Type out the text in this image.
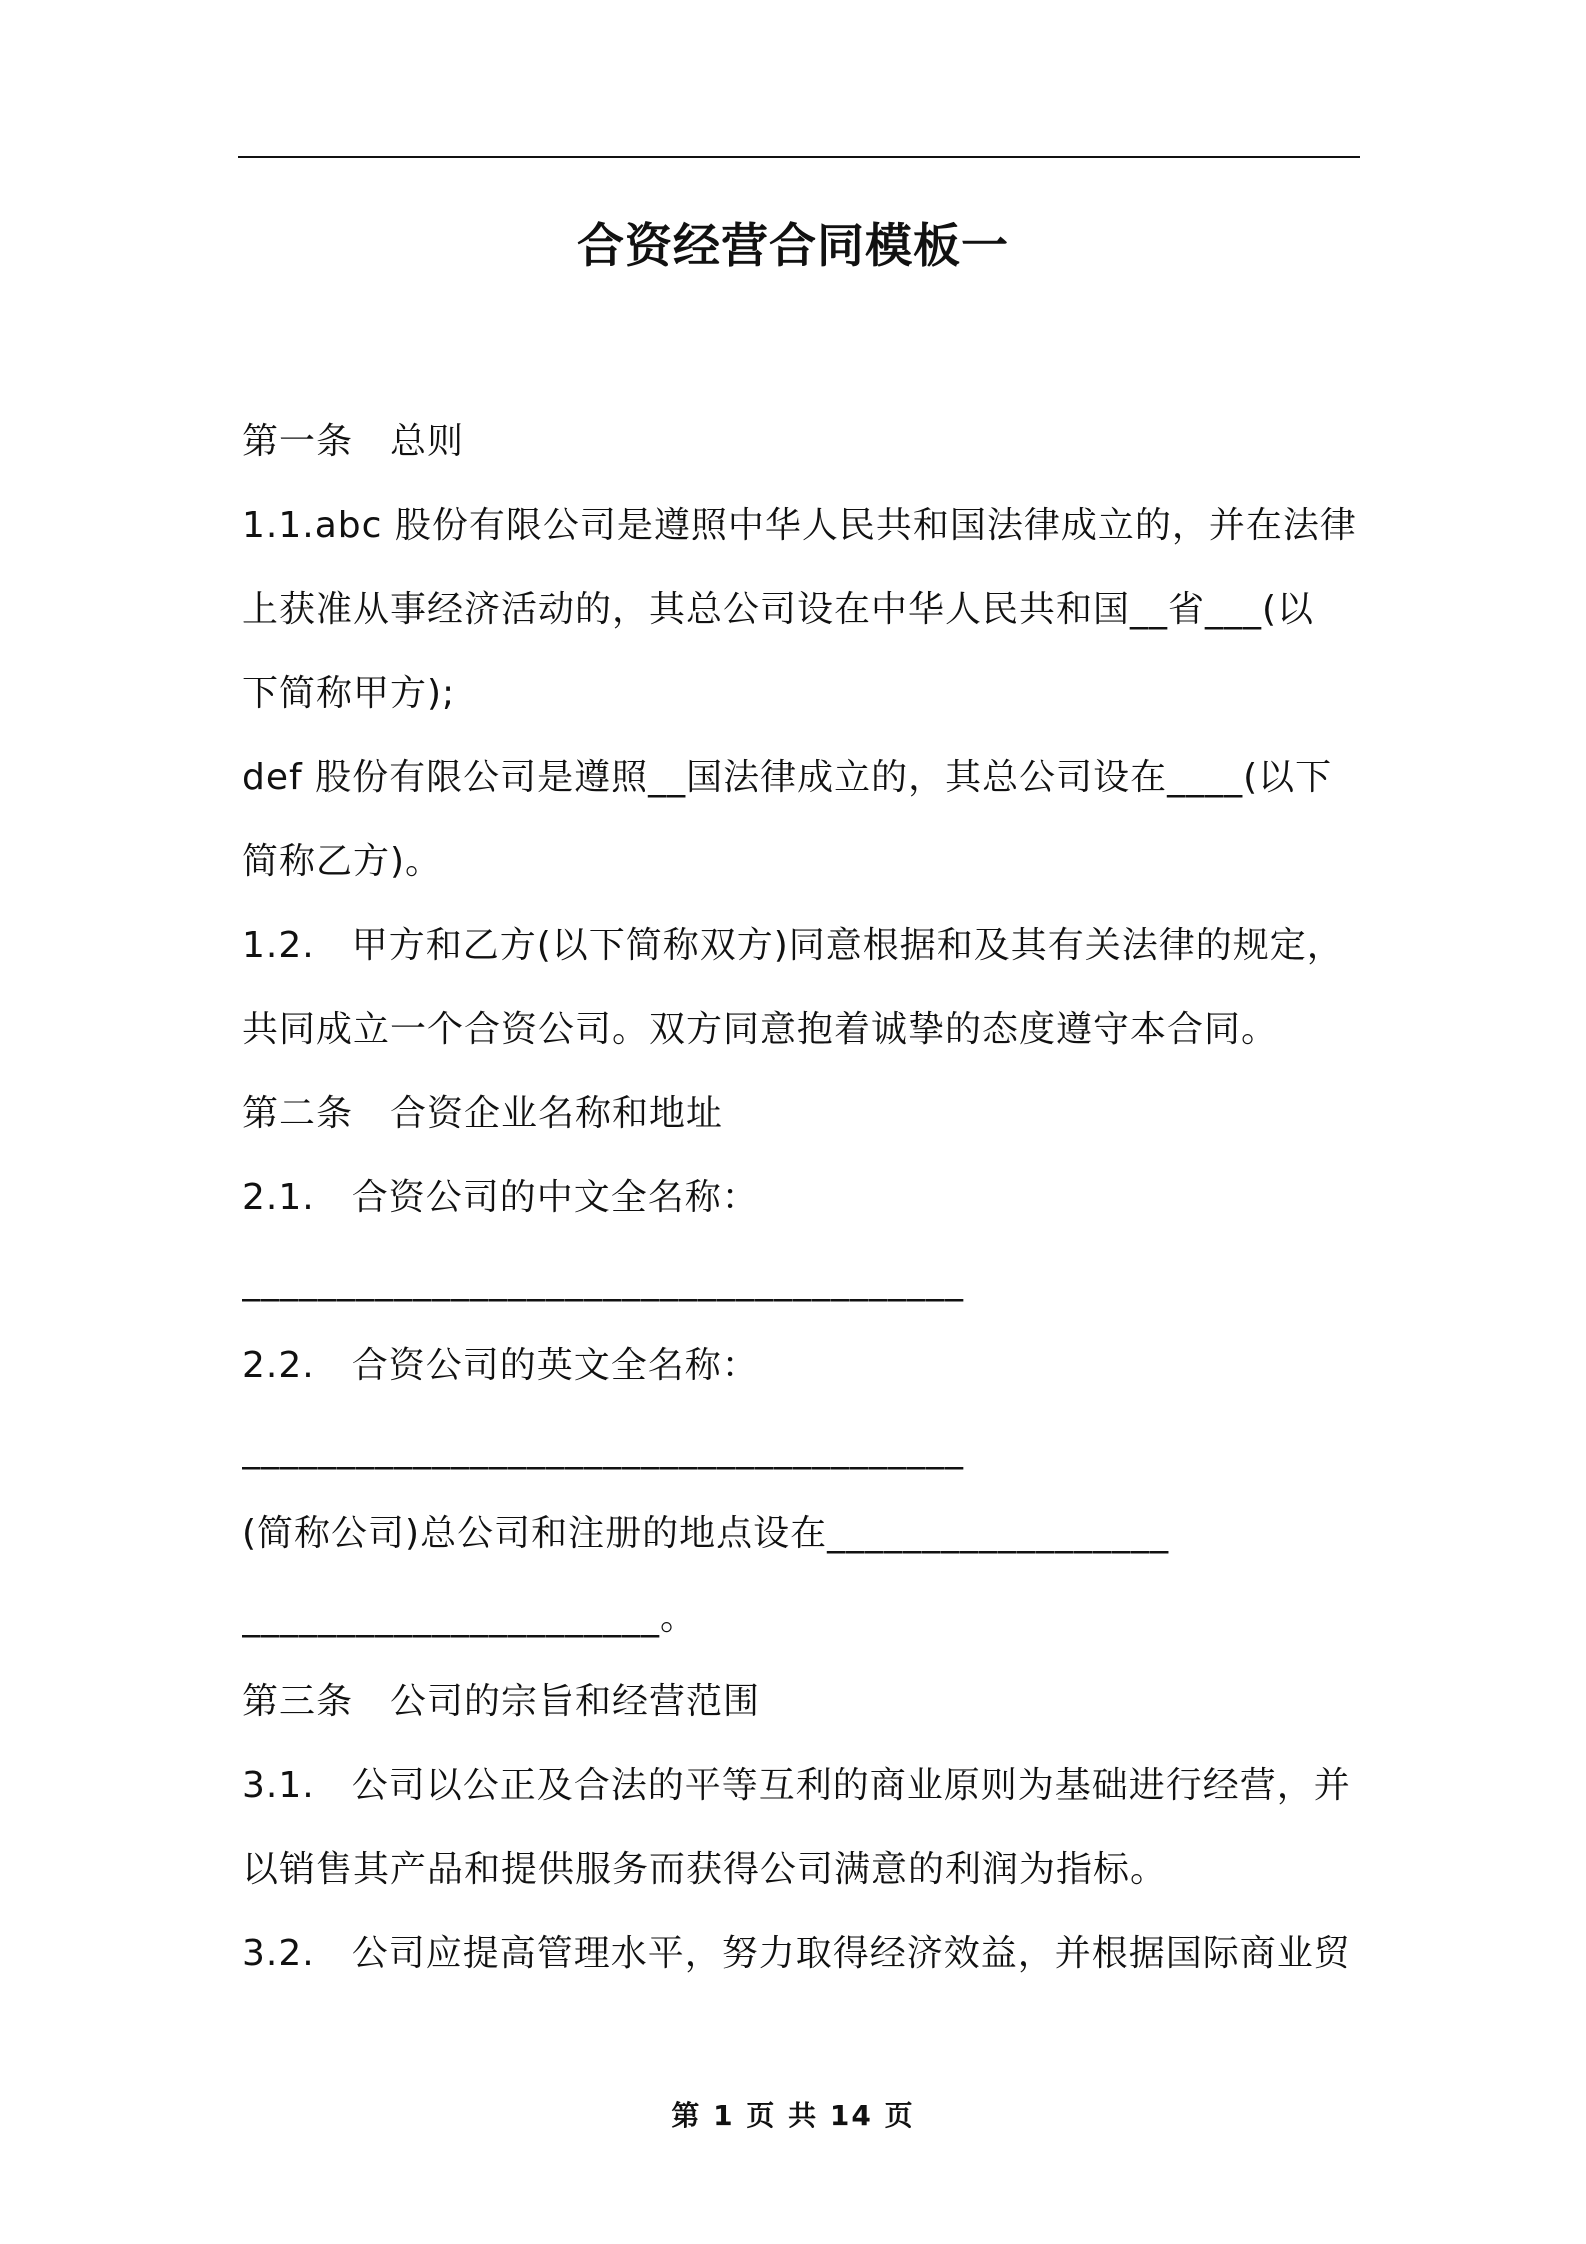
合资经营合同模板一
第一条　总则
1.1.abc 股份有限公司是遵照中华人民共和国法律成立的，并在法律
上获准从事经济活动的，其总公司设在中华人民共和国__省___(以
下简称甲方);
def 股份有限公司是遵照__国法律成立的，其总公司设在____(以下
简称乙方)。
1.2.　甲方和乙方(以下简称双方)同意根据和及其有关法律的规定，
共同成立一个合资公司。双方同意抱着诚挚的态度遵守本合同。
第二条　合资企业名称和地址
2.1.　合资公司的中文全名称：
______________________________________
2.2.　合资公司的英文全名称：
______________________________________
(简称公司)总公司和注册的地点设在__________________
______________________。
第三条　公司的宗旨和经营范围
3.1.　公司以公正及合法的平等互利的商业原则为基础进行经营，并
以销售其产品和提供服务而获得公司满意的利润为指标。
3.2.　公司应提高管理水平，努力取得经济效益，并根据国际商业贸
第 1 页 共 14 页
